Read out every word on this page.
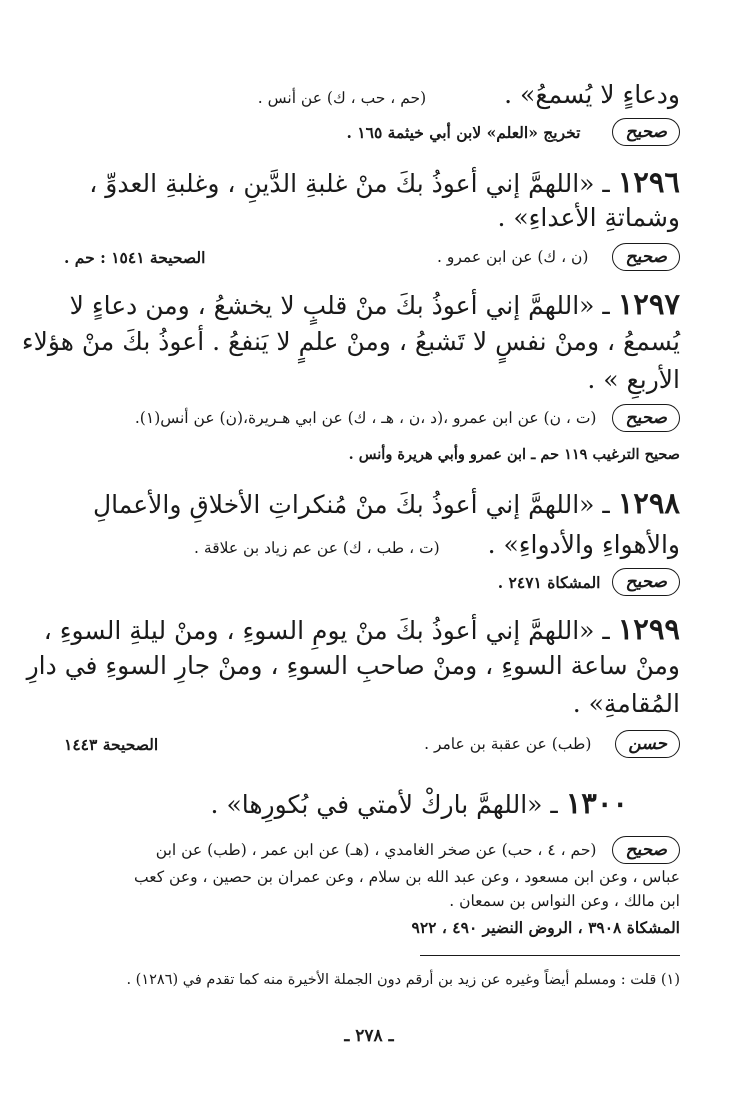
ودعاءٍ لا يُسمعُ» . (حم ، حب ، ك) عن أنس .
صحيح
تخريج «العلم» لابن أبي خيثمة ١٦٥ .
١٢٩٦ ـ «اللهمَّ إني أعوذُ بكَ منْ غلبةِ الدَّينِ ، وغلبةِ العدوِّ ،
وشماتةِ الأعداءِ» .
صحيح
(ن ، ك) عن ابن عمرو .
الصحيحة ١٥٤١ : حم .
١٢٩٧ ـ «اللهمَّ إني أعوذُ بكَ منْ قلبٍ لا يخشعُ ، ومن دعاءٍ لا
يُسمعُ ، ومنْ نفسٍ لا تَشبعُ ، ومنْ علمٍ لا يَنفعُ . أعوذُ بكَ منْ هؤلاء
الأربعِ » .
صحيح
(ت ، ن) عن ابن عمرو ،(د ،ن ، هـ ، ك) عن ابي هـريرة،(ن) عن أنس(١).
صحيح الترغيب ١١٩ حم ـ ابن عمرو وأبي هريرة وأنس .
١٢٩٨ ـ «اللهمَّ إني أعوذُ بكَ منْ مُنكراتِ الأخلاقِ والأعمالِ
والأهواءِ والأدواءِ» . (ت ، طب ، ك) عن عم زياد بن علاقة .
صحيح
المشكاة ٢٤٧١ .
١٢٩٩ ـ «اللهمَّ إني أعوذُ بكَ منْ يومِ السوءِ ، ومنْ ليلةِ السوءِ ،
ومنْ ساعة السوءِ ، ومنْ صاحبِ السوءِ ، ومنْ جارِ السوءِ في دارِ
المُقامةِ» .
حسن
(طب) عن عقبة بن عامر .
الصحيحة ١٤٤٣
١٣٠٠ ـ «اللهمَّ باركْ لأمتي في بُكورِها» .
صحيح
(حم ، ٤ ، حب) عن صخر الغامدي ، (هـ) عن ابن عمر ، (طب) عن ابن
عباس ، وعن ابن مسعود ، وعن عبد الله بن سلام ، وعن عمران بن حصين ، وعن كعب
ابن مالك ، وعن النواس بن سمعان .
المشكاة ٣٩٠٨ ، الروض النضير ٤٩٠ ، ٩٢٢
(١) قلت : ومسلم أيضاً وغيره عن زيد بن أرقم دون الجملة الأخيرة منه كما تقدم في (١٢٨٦) .
ـ ٢٧٨ ـ
